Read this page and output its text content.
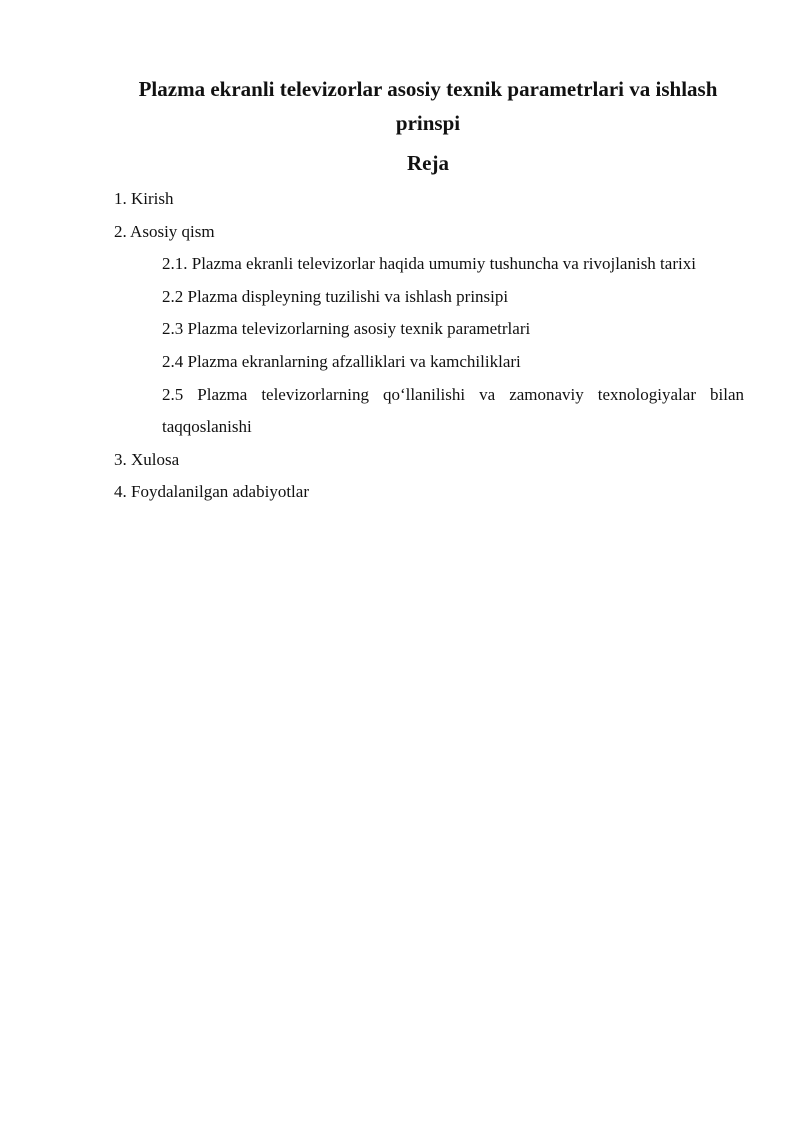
Plazma ekranli televizorlar asosiy texnik parametrlari va ishlash prinspi
Reja
1. Kirish
2. Asosiy qism
2.1. Plazma ekranli televizorlar haqida umumiy tushuncha va rivojlanish tarixi
2.2 Plazma displeyning tuzilishi va ishlash prinsipi
2.3 Plazma televizorlarning asosiy texnik parametrlari
2.4 Plazma ekranlarning afzalliklari va kamchiliklari
2.5 Plazma televizorlarning qo‘llanilishi va zamonaviy texnologiyalar bilan taqqoslanishi
3. Xulosa
4. Foydalanilgan adabiyotlar
